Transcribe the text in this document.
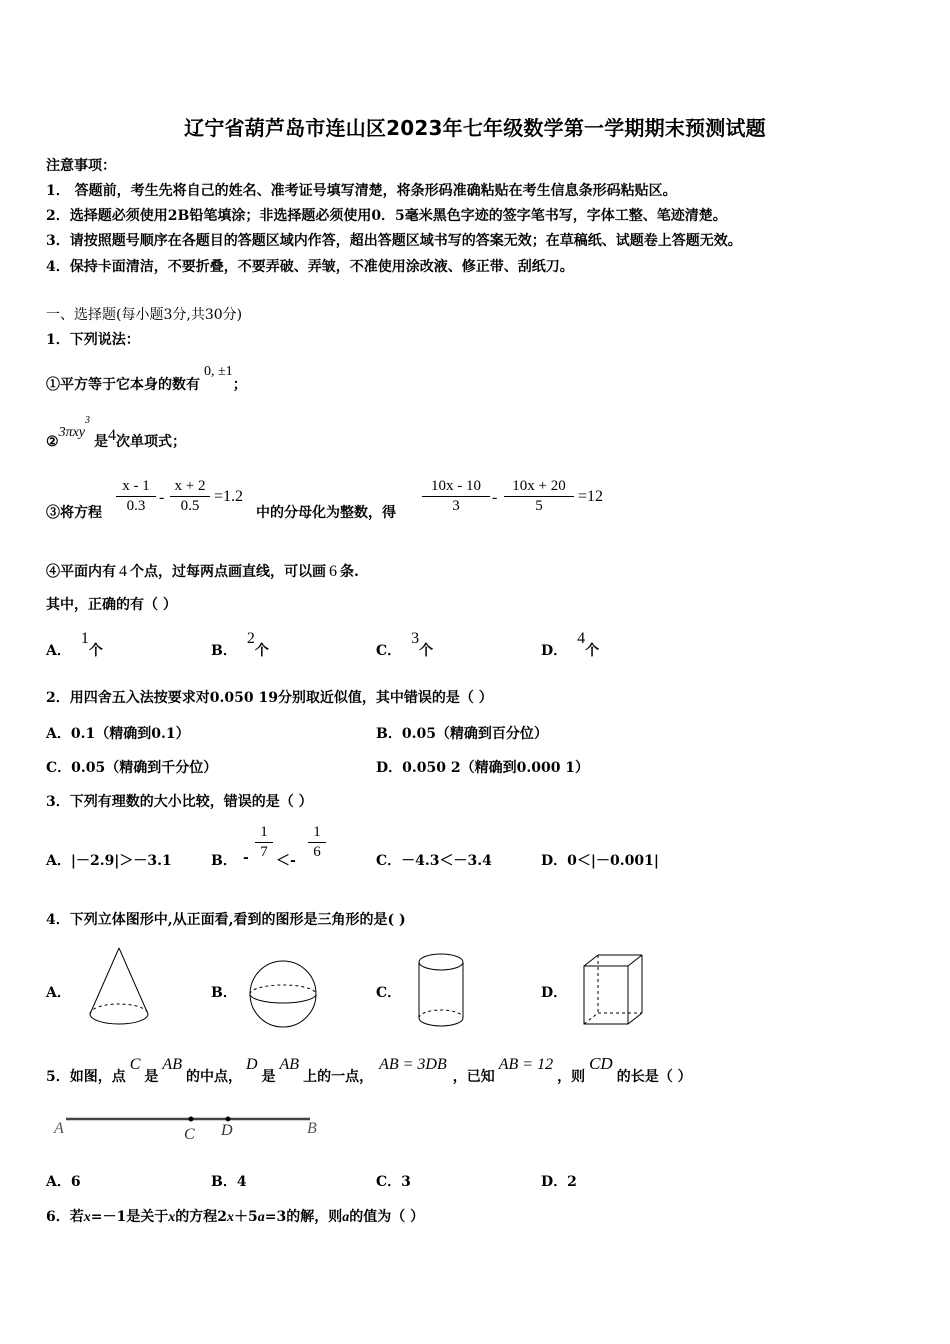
辽宁省葫芦岛市连山区2023年七年级数学第一学期期末预测试题
注意事项：
1． 答题前，考生先将自己的姓名、准考证号填写清楚，将条形码准确粘贴在考生信息条形码粘贴区。
2．选择题必须使用2B铅笔填涂；非选择题必须使用0．5毫米黑色字迹的签字笔书写，字体工整、笔迹清楚。
3．请按照题号顺序在各题目的答题区域内作答，超出答题区域书写的答案无效；在草稿纸、试题卷上答题无效。
4．保持卡面清洁，不要折叠，不要弄破、弄皱，不准使用涂改液、修正带、刮纸刀。
一、选择题(每小题3分,共30分)
1．下列说法：
①平方等于它本身的数有0, ±1；
②3πxy$^3$是4次单项式；
③将方程
x - 1
0.3 -
x + 2
0.5
=1.2
中的分母化为整数，得
10x - 10
3	-
10x + 20
5
=12
④平面内有 4 个点，过每两点画直线，可以画 6 条.
其中，正确的有（ ）
A．1个	B．2个	C．3个	D．4个
2．用四舍五入法按要求对0.050 19分别取近似值，其中错误的是（ ）
A．0.1（精确到0.1）	B．0.05（精确到百分位）
C．0.05（精确到千分位）	D．0.050 2（精确到0.000 1）
3．下列有理数的大小比较，错误的是（ ）
A．|－2.9|＞－3.1	B． -
1
7
＜-
1
6
C．－4.3＜－3.4	D．0＜|－0.001|
4．下列立体图形中,从正面看,看到的图形是三角形的是( )
A．	B．	C．	D．
5．如图，点C是AB的中点，D是AB上的一点，AB = 3DB，已知AB = 12，则CD的长是（ ）
A	C D	B
A．6	B．4	C．3	D．2
6．若x=－1是关于x的方程2x＋5a=3的解，则a的值为（ ）
